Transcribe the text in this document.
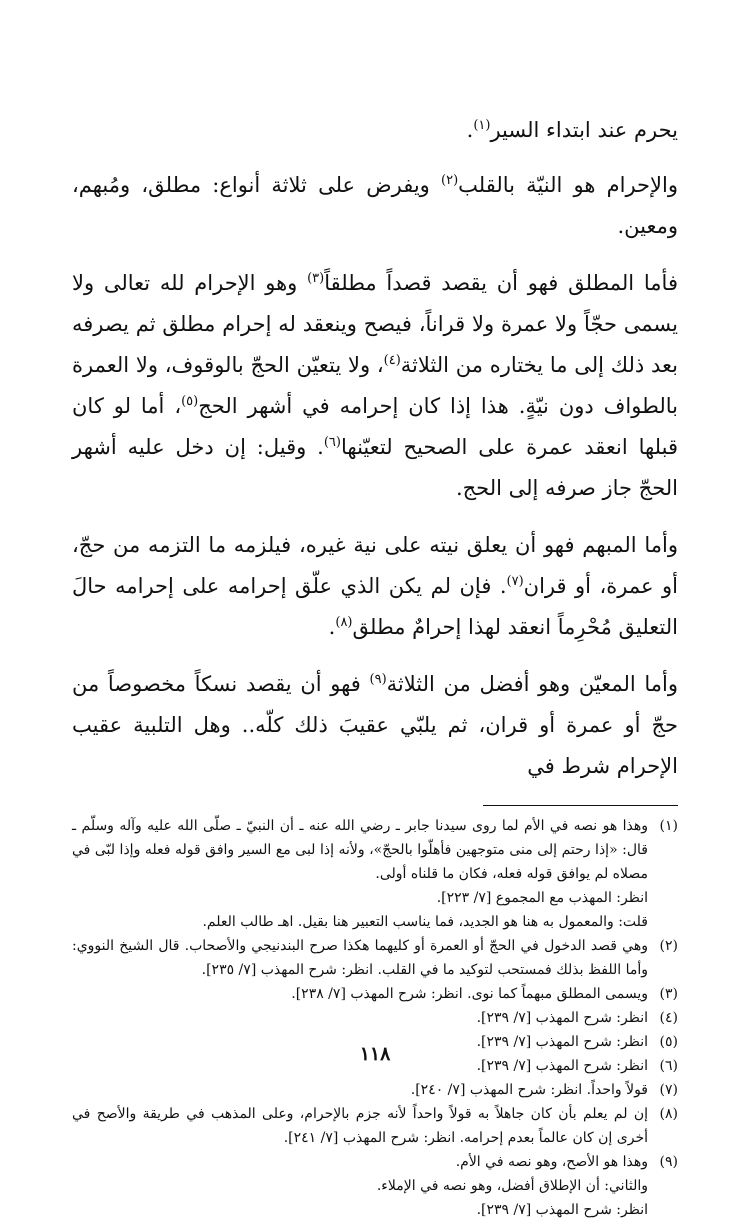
يحرم عند ابتداء السير$^{(١)}$.

والإحرام هو النيّة بالقلب$^{(٢)}$ ويفرض على ثلاثة أنواع: مطلق، ومُبهم، ومعين.

فأما المطلق فهو أن يقصد قصداً مطلقاً$^{(٣)}$ وهو الإحرام لله تعالى ولا يسمى حجّاً ولا عمرة ولا قراناً، فيصح وينعقد له إحرام مطلق ثم يصرفه بعد ذلك إلى ما يختاره من الثلاثة$^{(٤)}$، ولا يتعيّن الحجّ بالوقوف، ولا العمرة بالطواف دون نيّةٍ. هذا إذا كان إحرامه في أشهر الحج$^{(٥)}$، أما لو كان قبلها انعقد عمرة على الصحيح لتعيّنها$^{(٦)}$. وقيل: إن دخل عليه أشهر الحجّ جاز صرفه إلى الحج.

وأما المبهم فهو أن يعلق نيته على نية غيره، فيلزمه ما التزمه من حجّ، أو عمرة، أو قران$^{(٧)}$. فإن لم يكن الذي علّق إحرامه على إحرامه حالَ التعليق مُحْرِماً انعقد لهذا إحرامٌ مطلق$^{(٨)}$.

وأما المعيّن وهو أفضل من الثلاثة$^{(٩)}$ فهو أن يقصد نسكاً مخصوصاً من حجّ أو عمرة أو قران، ثم يلبّي عقيبَ ذلك كلّه.. وهل التلبية عقيب الإحرام شرط في

(١)
وهذا هو نصه في الأم لما روى سيدنا جابر ـ رضي الله عنه ـ أن النبيّ ـ صلّى الله عليه وآله وسلّم ـ قال: «إذا رحتم إلى منى متوجهين فأهلّوا بالحجّ»، ولأنه إذا لبى مع السير وافق قوله فعله وإذا لبّى في مصلاه لم يوافق قوله فعله، فكان ما قلناه أولى.
انظر: المهذب مع المجموع [٧/ ٢٢٣].
قلت: والمعمول به هنا هو الجديد، فما يناسب التعبير هنا بقيل. اهـ طالب العلم.
(٢)
وهي قصد الدخول في الحجّ أو العمرة أو كليهما هكذا صرح البندنيجي والأصحاب. قال الشيخ النووي: وأما اللفظ بذلك فمستحب لتوكيد ما في القلب. انظر: شرح المهذب [٧/ ٢٣٥].
(٣)
ويسمى المطلق مبهماً كما نوى. انظر: شرح المهذب [٧/ ٢٣٨].
(٤)
انظر: شرح المهذب [٧/ ٢٣٩].
(٥)
انظر: شرح المهذب [٧/ ٢٣٩].
(٦)
انظر: شرح المهذب [٧/ ٢٣٩].
(٧)
قولاً واحداً. انظر: شرح المهذب [٧/ ٢٤٠].
(٨)
إن لم يعلم بأن كان جاهلاً به قولاً واحداً لأنه جزم بالإحرام، وعلى المذهب في طريقة والأصح في أخرى إن كان عالماً بعدم إحرامه. انظر: شرح المهذب [٧/ ٢٤١].
(٩)
وهذا هو الأصح، وهو نصه في الأم.
والثاني: أن الإطلاق أفضل، وهو نصه في الإملاء.
انظر: شرح المهذب [٧/ ٢٣٩].
١١٨
